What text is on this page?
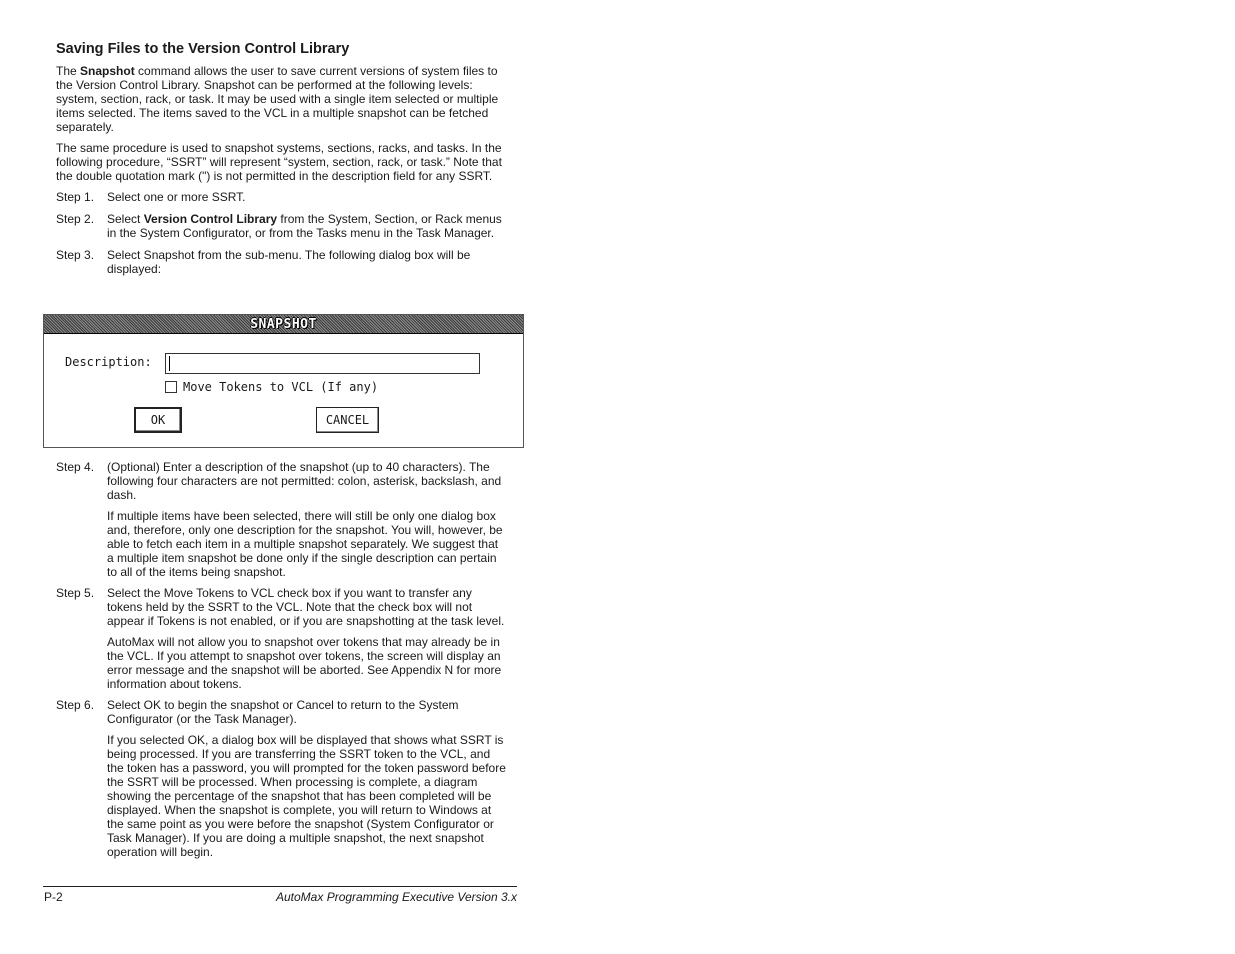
Saving Files to the Version Control Library

The Snapshot command allows the user to save current versions of system files to the Version Control Library. Snapshot can be performed at the following levels: system, section, rack, or task. It may be used with a single item selected or multiple items selected. The items saved to the VCL in a multiple snapshot can be fetched separately.

The same procedure is used to snapshot systems, sections, racks, and tasks. In the following procedure, “SSRT” will represent “system, section, rack, or task.” Note that the double quotation mark (") is not permitted in the description field for any SSRT.

Step 1.	Select one or more SSRT.
Step 2.	Select Version Control Library from the System, Section, or Rack menus in the System Configurator, or from the Tasks menu in the Task Manager.
Step 3.	Select Snapshot from the sub-menu. The following dialog box will be displayed:
SNAPSHOT
Description:
Move Tokens to VCL (If any)
OK	CANCEL
Step 4.	(Optional) Enter a description of the snapshot (up to 40 characters). The following four characters are not permitted: colon, asterisk, backslash, and dash.

If multiple items have been selected, there will still be only one dialog box and, therefore, only one description for the snapshot. You will, however, be able to fetch each item in a multiple snapshot separately. We suggest that a multiple item snapshot be done only if the single description can pertain to all of the items being snapshot.

Step 5.	Select the Move Tokens to VCL check box if you want to transfer any tokens held by the SSRT to the VCL. Note that the check box will not appear if Tokens is not enabled, or if you are snapshotting at the task level.

AutoMax will not allow you to snapshot over tokens that may already be in the VCL. If you attempt to snapshot over tokens, the screen will display an error message and the snapshot will be aborted. See Appendix N for more information about tokens.

Step 6.	Select OK to begin the snapshot or Cancel to return to the System Configurator (or the Task Manager).

If you selected OK, a dialog box will be displayed that shows what SSRT is being processed. If you are transferring the SSRT token to the VCL, and the token has a password, you will prompted for the token password before the SSRT will be processed. When processing is complete, a diagram showing the percentage of the snapshot that has been completed will be displayed. When the snapshot is complete, you will return to Windows at the same point as you were before the snapshot (System Configurator or Task Manager). If you are doing a multiple snapshot, the next snapshot operation will begin.

P-2	AutoMax Programming Executive Version 3.x
